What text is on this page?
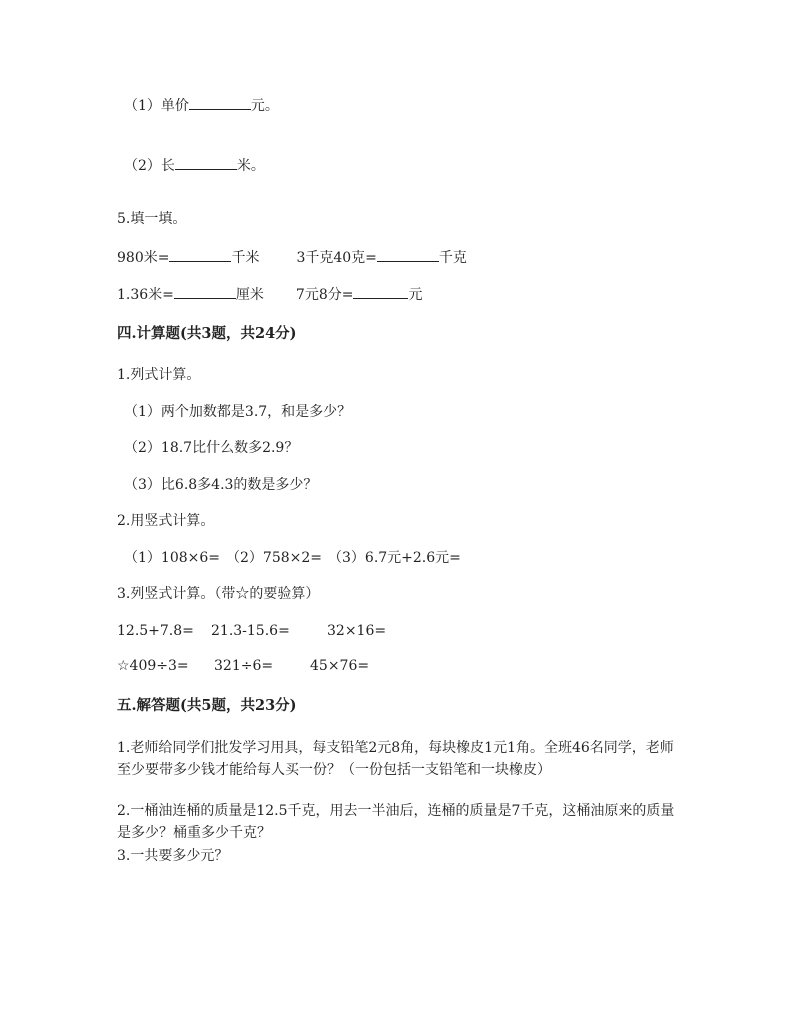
（1）单价	元。
（2）长	米。
5.填一填。
980米=	千米	3千克40克=	千克
1.36米=	厘米 7元8分=	元
四.计算题(共3题，共24分)
1.列式计算。
（1）两个加数都是3.7，和是多少？
（2）18.7比什么数多2.9？
（3）比6.8多4.3的数是多少？
2.用竖式计算。
（1）108×6= （2）758×2= （3）6.7元+2.6元=
3.列竖式计算。（带☆的要验算）
12.5+7.8= 21.3-15.6=	32×16=
☆409÷3= 321÷6=	45×76=
五.解答题(共5题，共23分)
1.老师给同学们批发学习用具，每支铅笔2元8角，每块橡皮1元1角。全班46名同学，老师至少要带多少钱才能给每人买一份？（一份包括一支铅笔和一块橡皮）
2.一桶油连桶的质量是12.5千克，用去一半油后，连桶的质量是7千克，这桶油原来的质量是多少？桶重多少千克？
3.一共要多少元？
